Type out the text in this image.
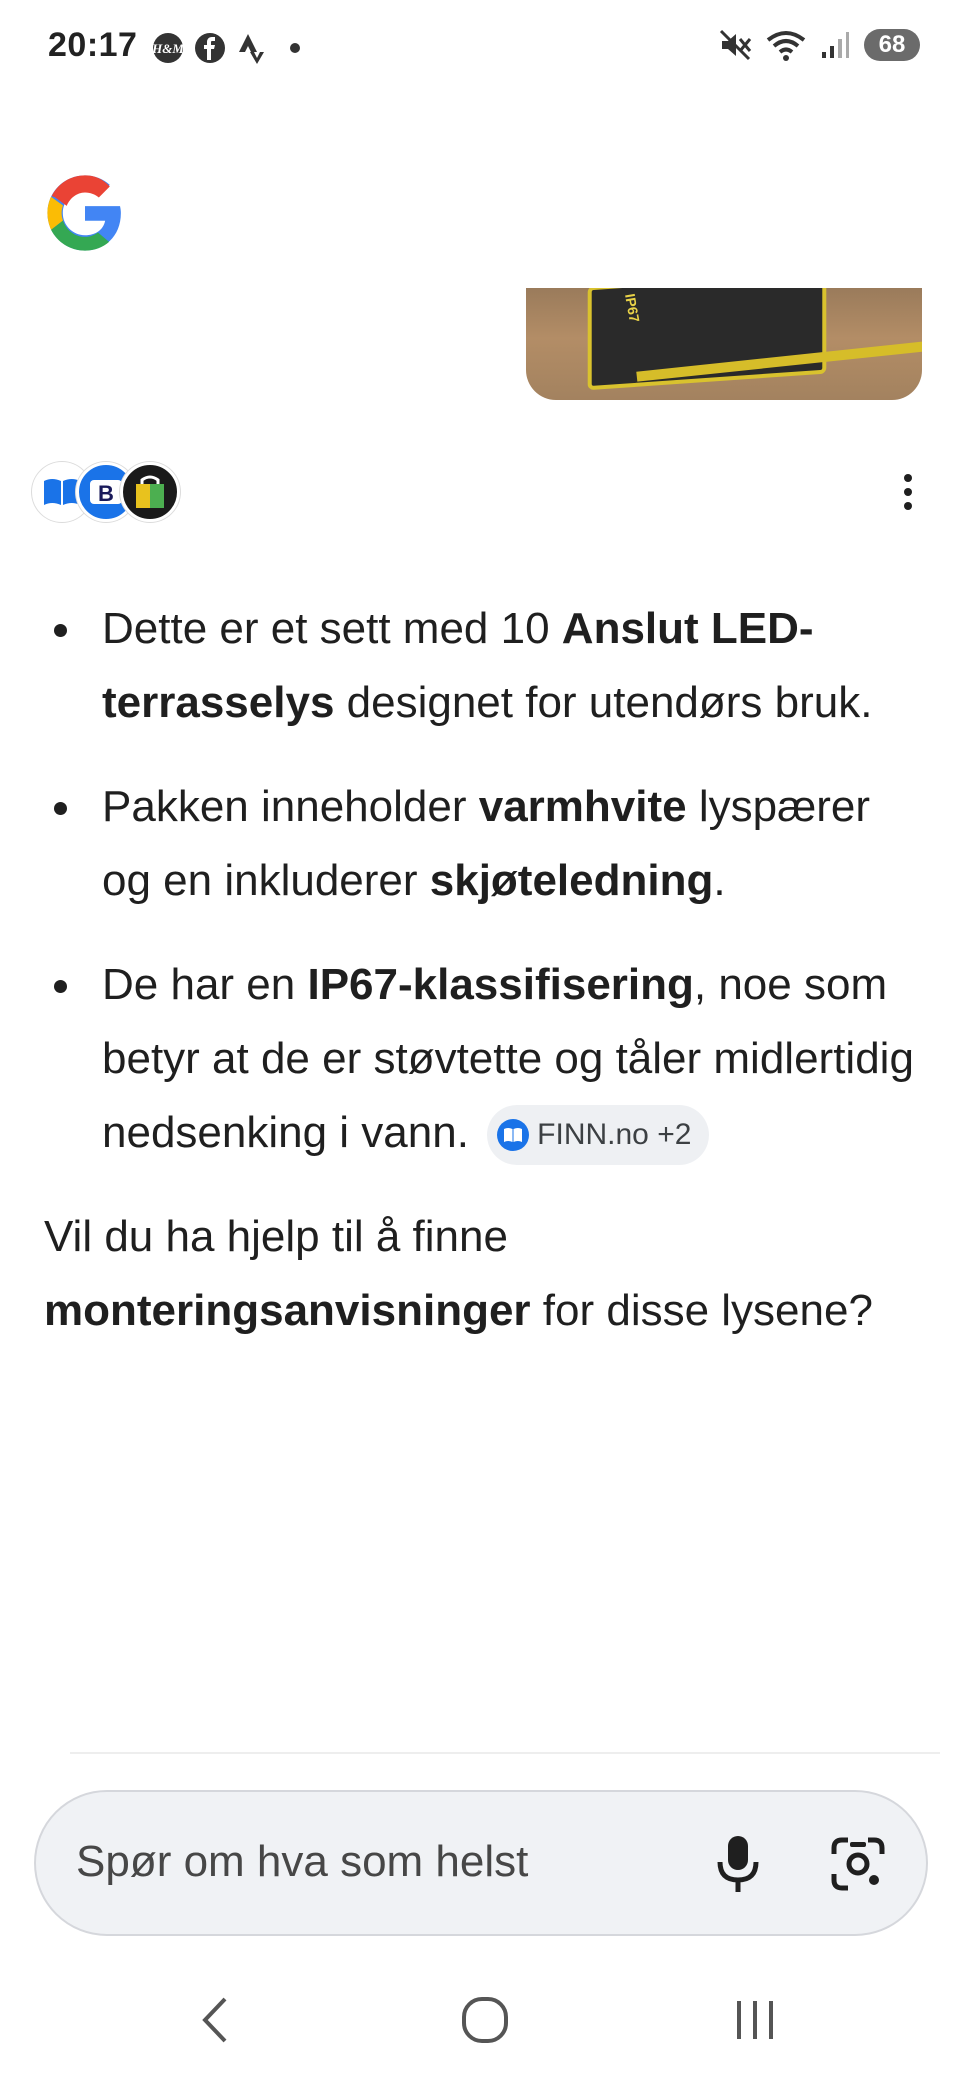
20:17 H&M	68
IP67
B
Dette er et sett med 10 Anslut LED-terrasselys designet for utendørs bruk.
Pakken inneholder varmhvite lyspærer og en inkluderer skjøteledning.
De har en IP67-klassifisering, noe som betyr at de er støvtette og tåler midlertidig nedsenking i vann. FINN.no +2

Vil du ha hjelp til å finne monteringsanvisninger for disse lysene?

Spør om hva som helst
